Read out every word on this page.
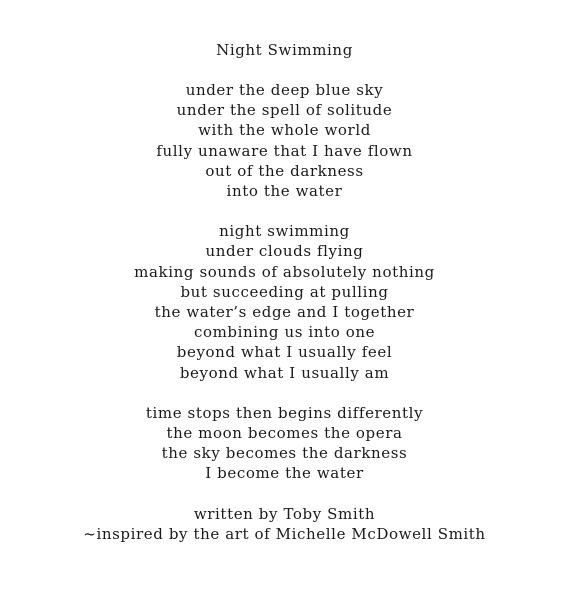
Night Swimming

under the deep blue sky

under the spell of solitude

with the whole world

fully unaware that I have flown

out of the darkness

into the water

night swimming

under clouds flying

making sounds of absolutely nothing

but succeeding at pulling

the water’s edge and I together

combining us into one

beyond what I usually feel

beyond what I usually am

time stops then begins differently

the moon becomes the opera

the sky becomes the darkness

I become the water

written by Toby Smith

~inspired by the art of Michelle McDowell Smith
